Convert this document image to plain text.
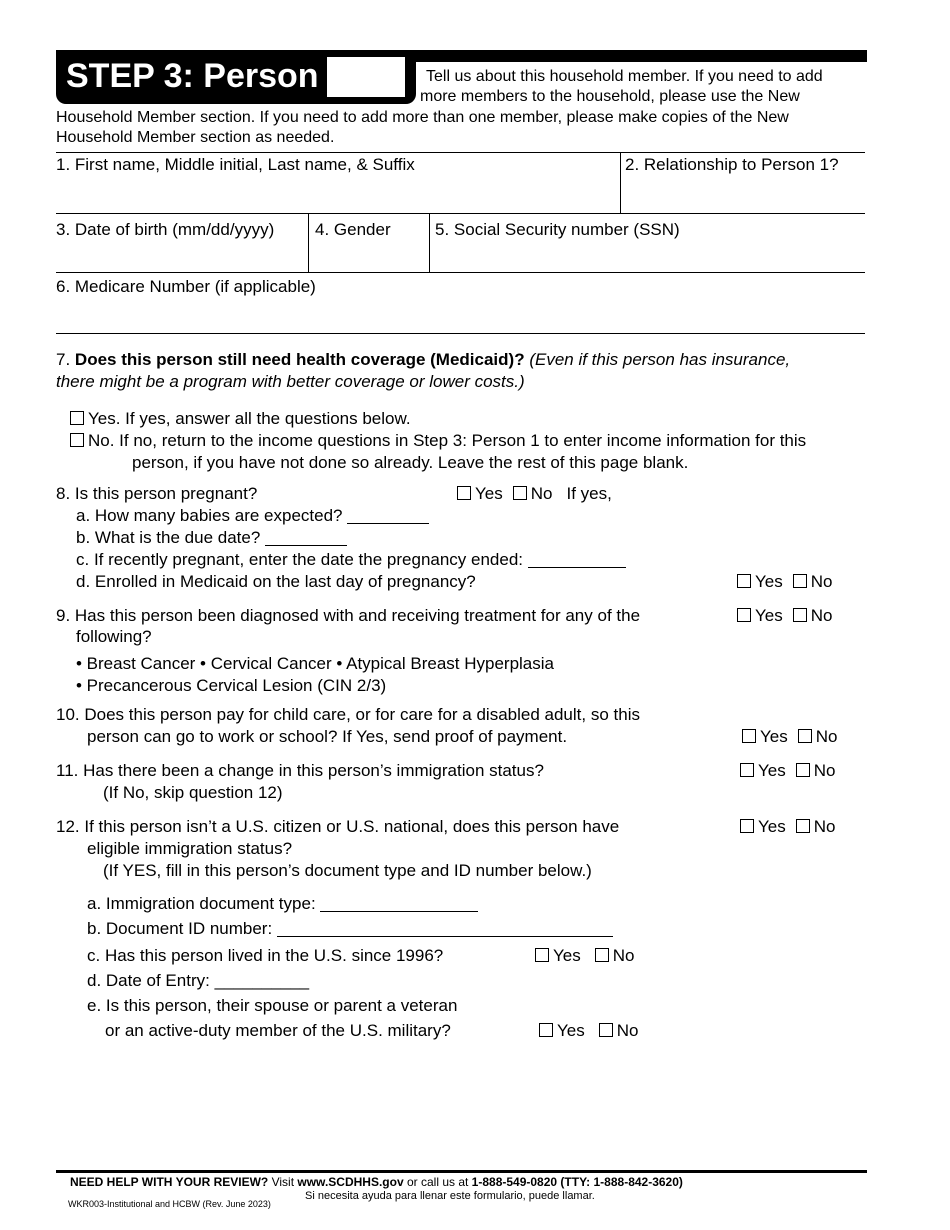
STEP 3: Person	Tell us about this household member. If you need to add
more members to the household, please use the New
Household Member section. If you need to add more than one member, please make copies of the New
Household Member section as needed.
1. First name, Middle initial, Last name, & Suffix	2. Relationship to Person 1?
3. Date of birth (mm/dd/yyyy) 4. Gender	5. Social Security number (SSN)
6. Medicare Number (if applicable)
7. Does this person still need health coverage (Medicaid)? (Even if this person has insurance,
there might be a program with better coverage or lower costs.)
Yes. If yes, answer all the questions below.
No. If no, return to the income questions in Step 3: Person 1 to enter income information for this
person, if you have not done so already. Leave the rest of this page blank.
8. Is this person pregnant?	Yes No If yes,
a. How many babies are expected?
b. What is the due date?
c. If recently pregnant, enter the date the pregnancy ended:
d. Enrolled in Medicaid on the last day of pregnancy?	Yes No
9. Has this person been diagnosed with and receiving treatment for any of the
following?
Yes No
• Breast Cancer • Cervical Cancer • Atypical Breast Hyperplasia
• Precancerous Cervical Lesion (CIN 2/3)
10. Does this person pay for child care, or for care for a disabled adult, so this
person can go to work or school? If Yes, send proof of payment.	Yes No
11. Has there been a change in this person’s immigration status?
(If No, skip question 12)
Yes No
12. If this person isn’t a U.S. citizen or U.S. national, does this person have
eligible immigration status?
(If YES, fill in this person’s document type and ID number below.)
Yes No
a. Immigration document type:
b. Document ID number:
c. Has this person lived in the U.S. since 1996?	Yes No
d. Date of Entry: __________
e. Is this person, their spouse or parent a veteran
or an active-duty member of the U.S. military?	Yes No
NEED HELP WITH YOUR REVIEW? Visit www.SCDHHS.gov or call us at 1-888-549-0820 (TTY: 1-888-842-3620)
Si necesita ayuda para llenar este formulario, puede llamar.
WKR003-Institutional and HCBW (Rev. June 2023)
